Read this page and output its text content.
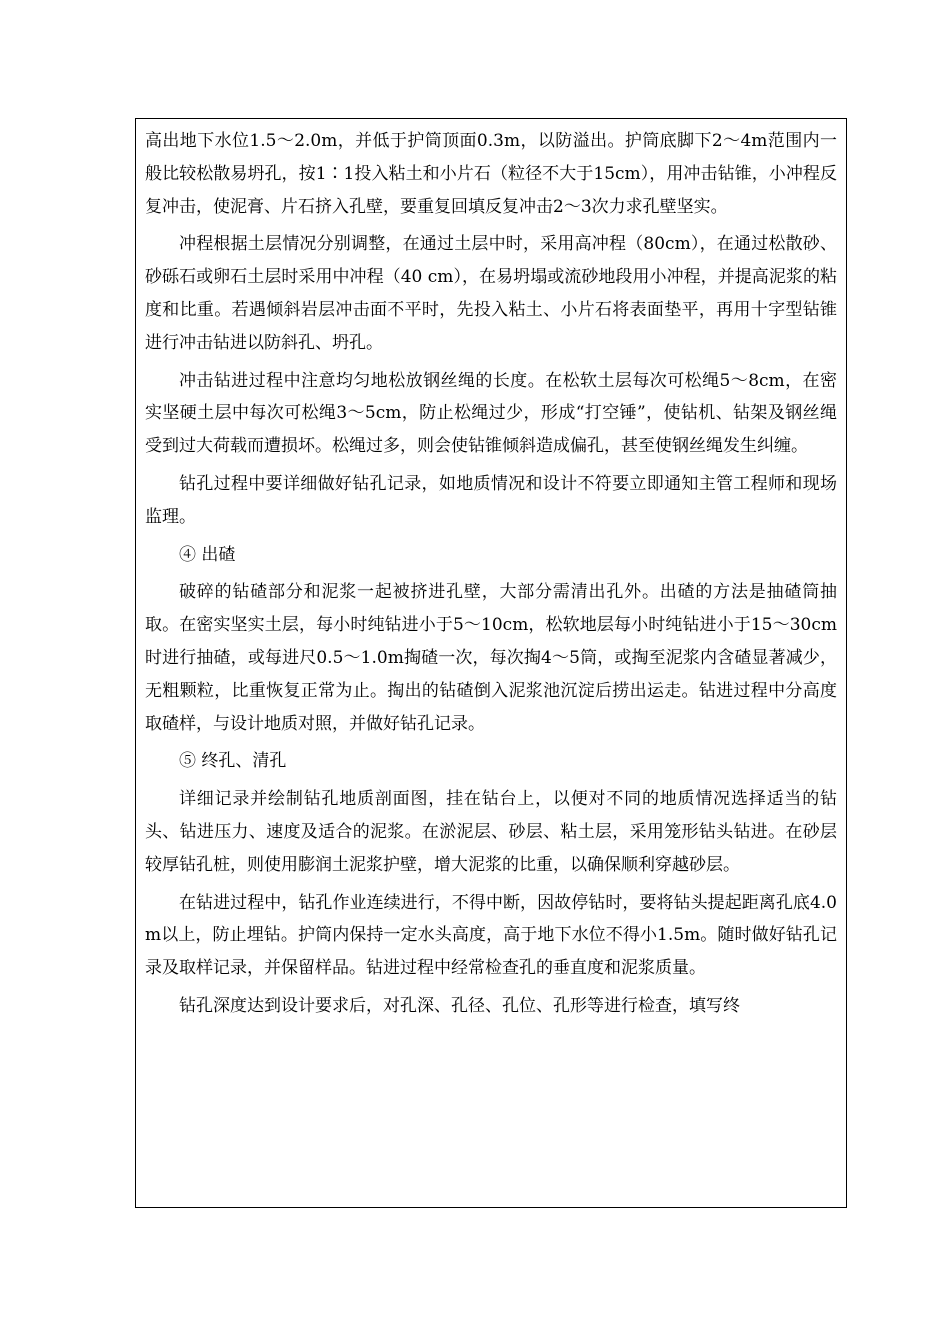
高出地下水位1.5～2.0m，并低于护筒顶面0.3m，以防溢出。护筒底脚下2～4m范围内一般比较松散易坍孔，按1∶1投入粘土和小片石（粒径不大于15cm），用冲击钻锥，小冲程反复冲击，使泥膏、片石挤入孔壁，要重复回填反复冲击2～3次力求孔壁坚实。

冲程根据土层情况分别调整，在通过土层中时，采用高冲程（80cm），在通过松散砂、砂砾石或卵石土层时采用中冲程（40 cm），在易坍塌或流砂地段用小冲程，并提高泥浆的粘度和比重。若遇倾斜岩层冲击面不平时，先投入粘土、小片石将表面垫平，再用十字型钻锥进行冲击钻进以防斜孔、坍孔。

冲击钻进过程中注意均匀地松放钢丝绳的长度。在松软土层每次可松绳5～8cm，在密实坚硬土层中每次可松绳3～5cm，防止松绳过少，形成“打空锤”，使钻机、钻架及钢丝绳受到过大荷载而遭损坏。松绳过多，则会使钻锥倾斜造成偏孔，甚至使钢丝绳发生纠缠。

钻孔过程中要详细做好钻孔记录，如地质情况和设计不符要立即通知主管工程师和现场监理。

④ 出碴

破碎的钻碴部分和泥浆一起被挤进孔壁，大部分需清出孔外。出碴的方法是抽碴筒抽取。在密实坚实土层，每小时纯钻进小于5～10cm，松软地层每小时纯钻进小于15～30cm时进行抽碴，或每进尺0.5～1.0m掏碴一次，每次掏4～5筒，或掏至泥浆内含碴显著减少，无粗颗粒，比重恢复正常为止。掏出的钻碴倒入泥浆池沉淀后捞出运走。钻进过程中分高度取碴样，与设计地质对照，并做好钻孔记录。

⑤ 终孔、清孔

详细记录并绘制钻孔地质剖面图，挂在钻台上，以便对不同的地质情况选择适当的钻头、钻进压力、速度及适合的泥浆。在淤泥层、砂层、粘土层，采用笼形钻头钻进。在砂层较厚钻孔桩，则使用膨润土泥浆护壁，增大泥浆的比重，以确保顺利穿越砂层。

在钻进过程中，钻孔作业连续进行，不得中断，因故停钻时，要将钻头提起距离孔底4.0m以上，防止埋钻。护筒内保持一定水头高度，高于地下水位不得小1.5m。随时做好钻孔记录及取样记录，并保留样品。钻进过程中经常检查孔的垂直度和泥浆质量。

钻孔深度达到设计要求后，对孔深、孔径、孔位、孔形等进行检查，填写终
